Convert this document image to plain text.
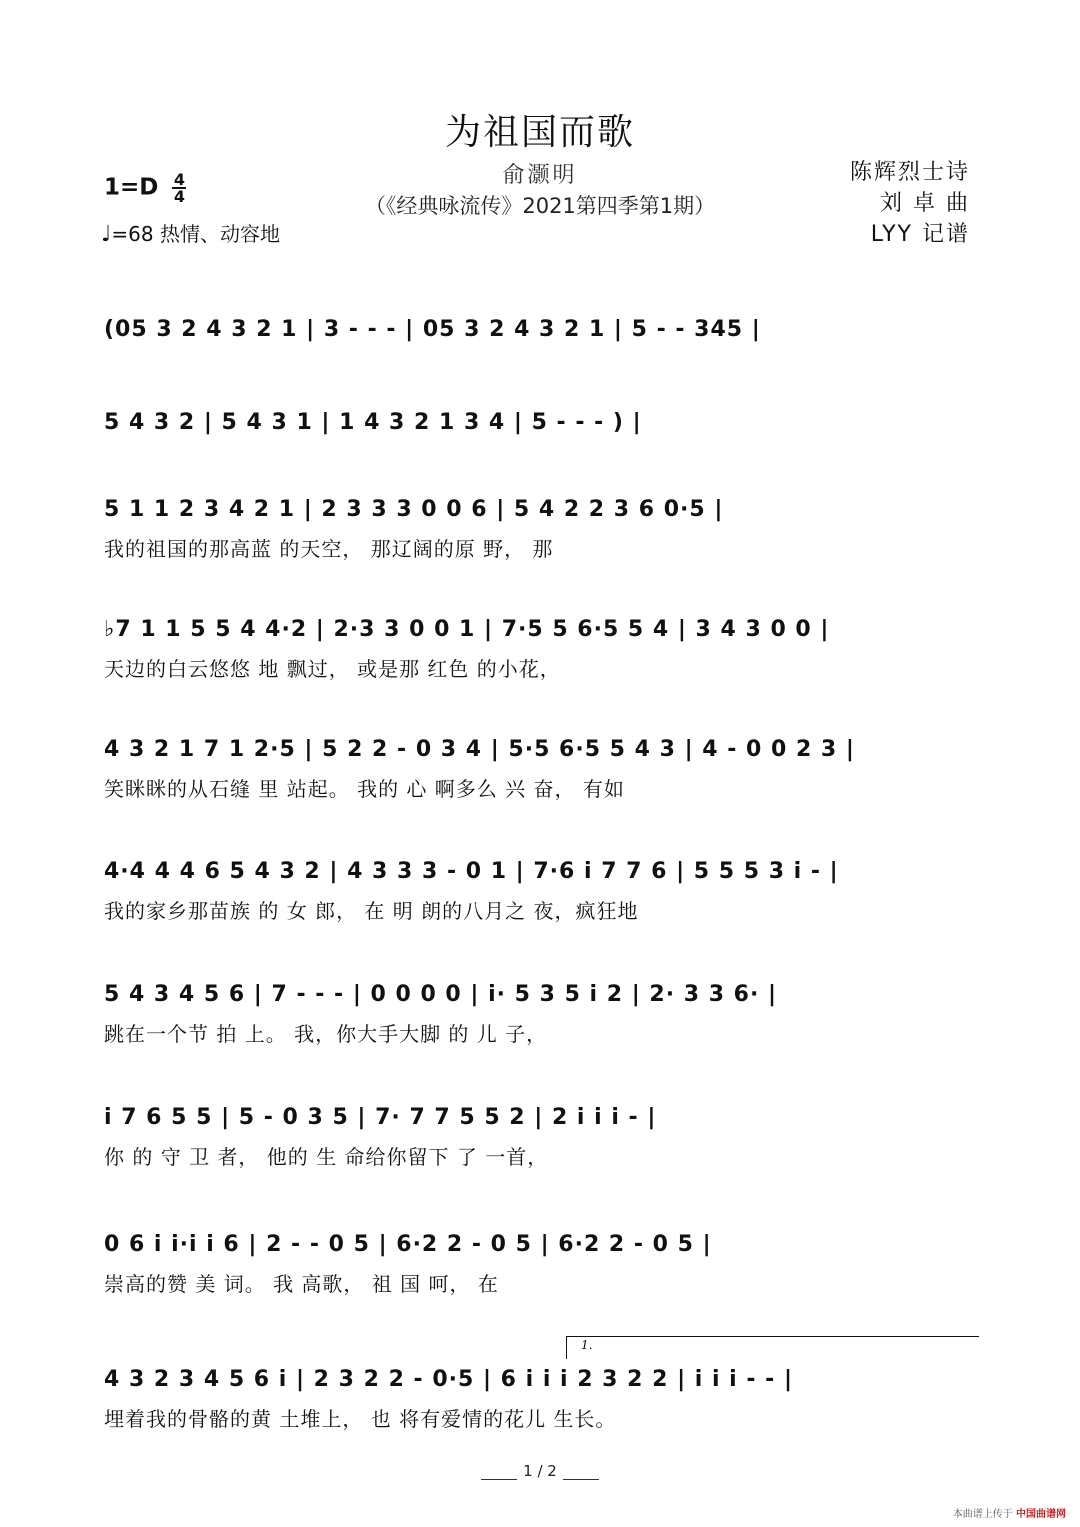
为祖国而歌
俞灏明
（《经典咏流传》2021第四季第1期）
$1=D \frac{4}{4}$
♩=68 热情、动容地
陈辉烈士诗
刘 卓 曲
LYY 记谱
(05 3 2 4 3 2 1 | 3 - - - | 05 3 2 4 3 2 1 | 5 - - 345 |
5 4 3 2 | 5 4 3 1 | 1 4 3 2 1 3 4 | 5 - - - ) |
5 1 1 2 3 4 2 1 | 2 3 3 3 0 0 6 | 5 4 2 2 3 6 0·5 |
我的祖国的那高蓝 的天空， 那辽阔的原 野， 那
♭7 1 1 5 5 4 4·2 | 2·3 3 0 0 1 | 7·5 5 6·5 5 4 | 3 4 3 0 0 |
天边的白云悠悠 地 飘过， 或是那 红色 的小花，
4 3 2 1 7 1 2·5 | 5 2 2 - 0 3 4 | 5·5 6·5 5 4 3 | 4 - 0 0 2 3 |
笑眯眯的从石缝 里 站起。 我的 心 啊多么 兴 奋， 有如
4·4 4 4 6 5 4 3 2 | 4 3 3 3 - 0 1 | 7·6 i 7 7 6 | 5 5 5 3 i - |
我的家乡那苗族 的 女 郎， 在 明 朗的八月之 夜，疯狂地
5 4 3 4 5 6 | 7 - - - | 0 0 0 0 | i· 5 3 5 i 2 | 2· 3 3 6· |
跳在一个节 拍 上。 我，你大手大脚 的 儿 子，
i 7 6 5 5 | 5 - 0 3 5 | 7· 7 7 5 5 2 | 2 i i i - |
你 的 守 卫 者， 他的 生 命给你留下 了 一首，
0 6 i i·i i 6 | 2 - - 0 5 | 6·2 2 - 0 5 | 6·2 2 - 0 5 |
崇高的赞 美 词。 我 高歌， 祖 国 呵， 在
1.
4 3 2 3 4 5 6 i | 2 3 2 2 - 0·5 | 6 i i i 2 3 2 2 | i i i - - |
埋着我的骨骼的黄 土堆上， 也 将有爱情的花儿 生长。
1 / 2
本曲谱上传于 中国曲谱网
